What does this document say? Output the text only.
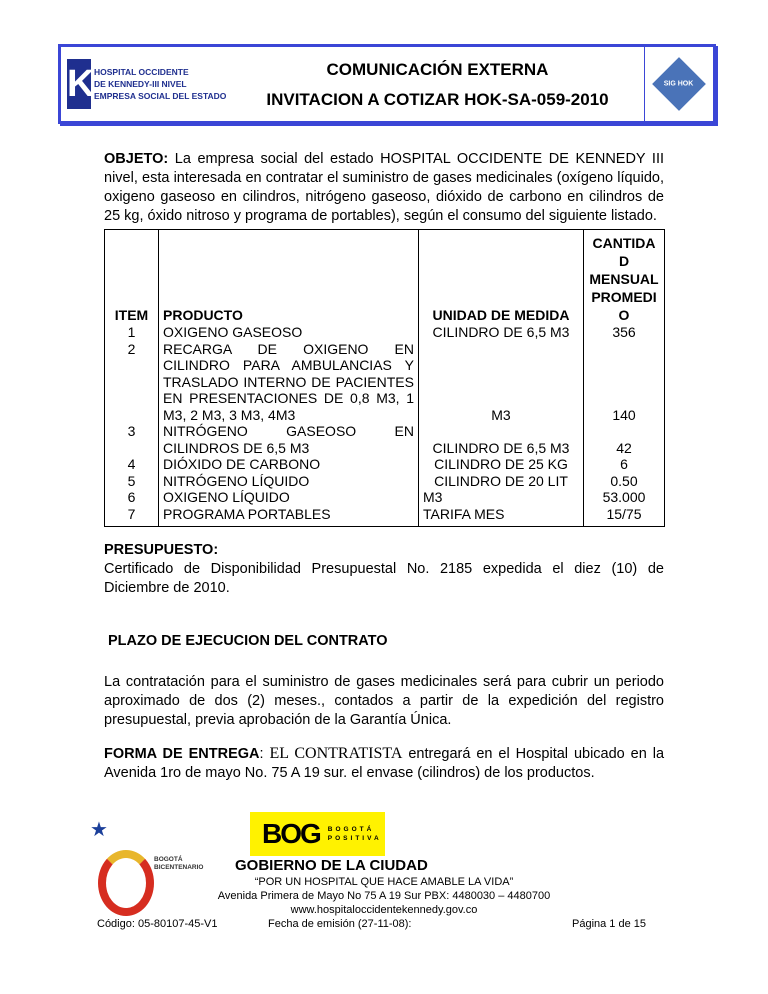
K HOSPITAL OCCIDENTE
DE KENNEDY-III NIVEL
EMPRESA SOCIAL DEL ESTADO
COMUNICACIÓN EXTERNA
INVITACION A COTIZAR HOK-SA-059-2010
SIG HOK

OBJETO: La empresa social del estado HOSPITAL OCCIDENTE DE KENNEDY III nivel, esta interesada en contratar el suministro de gases medicinales (oxígeno líquido, oxigeno gaseoso en cilindros, nitrógeno gaseoso, dióxido de carbono en cilindros de 25 kg, óxido nitroso y programa de portables), según el consumo del siguiente listado.

ITEM	PRODUCTO	UNIDAD DE MEDIDA	CANTIDAD MENSUAL PROMEDIO
1	OXIGENO GASEOSO	CILINDRO DE 6,5 M3	356
2	RECARGA DE OXIGENO EN CILINDRO PARA AMBULANCIAS Y TRASLADO INTERNO DE PACIENTES EN PRESENTACIONES DE 0,8 M3, 1 M3, 2 M3, 3 M3, 4M3	M3	140
3	NITRÓGENO GASEOSO EN CILINDROS DE 6,5 M3	CILINDRO DE 6,5 M3	42
4	DIÓXIDO DE CARBONO	CILINDRO DE 25 KG	6
5	NITRÓGENO LÍQUIDO	CILINDRO DE 20 LIT	0.50
6	OXIGENO LÍQUIDO	M3	53.000
7	PROGRAMA PORTABLES	TARIFA MES	15/75

PRESUPUESTO:
Certificado de Disponibilidad Presupuestal No. 2185 expedida el diez (10) de Diciembre de 2010.

PLAZO DE EJECUCION DEL CONTRATO

La contratación para el suministro de gases medicinales será para cubrir un periodo aproximado de dos (2) meses., contados a partir de la expedición del registro presupuestal, previa aprobación de la Garantía Única.

FORMA DE ENTREGA: EL CONTRATISTA entregará en el Hospital ubicado en la Avenida 1ro de mayo No. 75 A 19 sur. el envase (cilindros) de los productos.

★
BOGOTÁ BICENTENARIO
BOG BOGOTÁ POSITIVA
GOBIERNO DE LA CIUDAD
“POR UN HOSPITAL QUE HACE AMABLE LA VIDA”
Avenida Primera de Mayo No 75 A 19 Sur PBX: 4480030 – 4480700
www.hospitaloccidentekennedy.gov.co
Código: 05-80107-45-V1	Fecha de emisión (27-11-08):	Página 1 de 15
